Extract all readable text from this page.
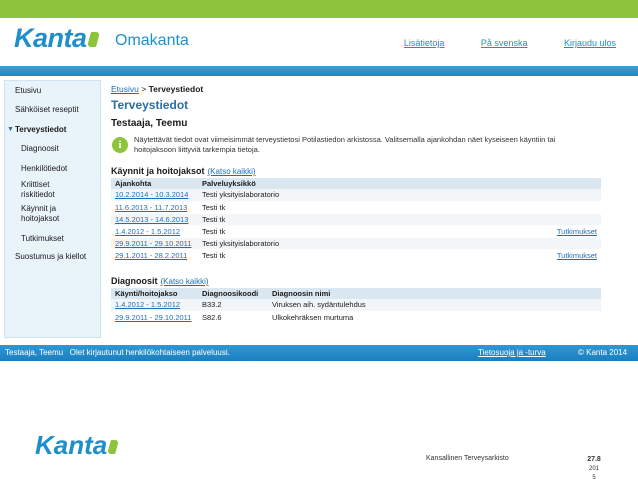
Kanta	Omakanta	Lisätietoja	På svenska	Kirjaudu ulos
Etusivu
Sähköiset reseptit
▼ Terveystiedot
Diagnoosit
Henkilötiedot
Kriittiset riskitiedot
Käynnit ja hoitojaksot
Tutkimukset
Suostumus ja kiellot
Etusivu > Terveystiedot
Terveystiedot
Testaaja, Teemu
i	Näytettävät tiedot ovat viimeisimmät terveystietosi Potilastiedon arkistossa. Valitsemalla ajankohdan näet kyseiseen käyntiin tai hoitojaksoon liittyviä tarkempia tietoja.
Käynnit ja hoitojaksot (Katso kaikki)
Ajankohta	Palveluyksikkö	
10.2.2014 - 10.3.2014	Testi yksityislaboratorio	
11.6.2013 - 11.7.2013	Testi tk	
14.5.2013 - 14.6.2013	Testi tk	
1.4.2012 - 1.5.2012	Testi tk	Tutkimukset
29.9.2011 - 29.10.2011	Testi yksityislaboratorio	
29.1.2011 - 28.2.2011	Testi tk	Tutkimukset
Diagnoosit (Katso kaikki)
Käynti/hoitojakso	Diagnoosikoodi	Diagnoosin nimi
1.4.2012 - 1.5.2012	B33.2	Viruksen aih. sydäntulehdus
29.9.2011 - 29.10.2011	S82.6	Ulkokehräksen murtuma
Testaaja, Teemu   Olet kirjautunut henkilökohtaiseen palveluusi.	Tietosuoja ja -turva	© Kanta 2014
Kanta	Kansallinen Terveysarkisto	27.8
201
5
